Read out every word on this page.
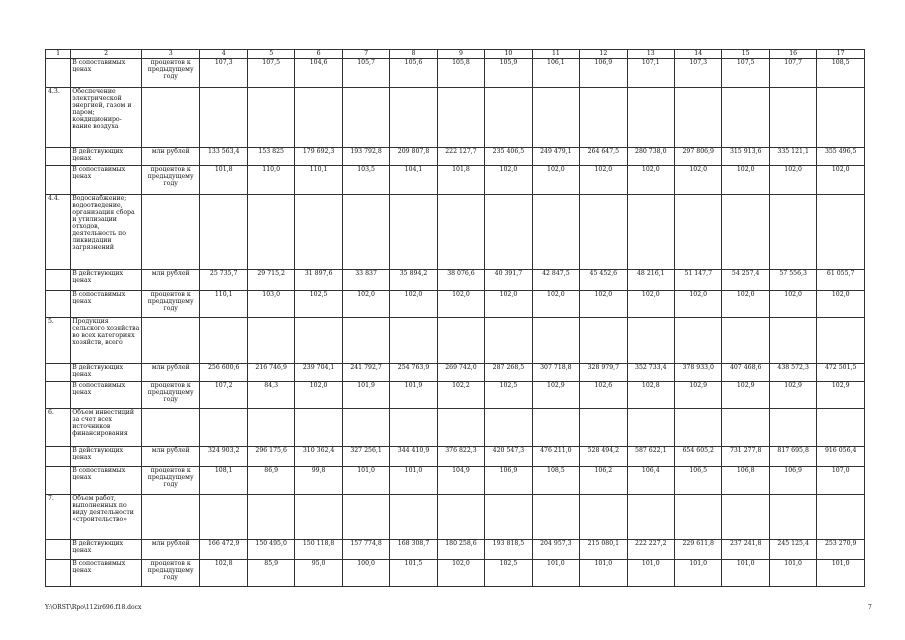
1	2	3	4	5	6	7	8	9	10	11	12	13	14	15	16	17
	В сопоставимых ценах	процентов к предыдущему году	107,3	107,5	104,6	105,7	105,6	105,8	105,9	106,1	106,9	107,1	107,3	107,5	107,7	108,5
4.3.	Обеспечение электрической энергией, газом и паром; кондициониро-вание воздуха															
	В действующих ценах	млн рублей	133 563,4	153 825	179 692,3	193 792,8	209 807,8	222 127,7	235 406,5	249 479,1	264 647,5	280 738,0	297 806,9	315 913,6	335 121,1	355 496,5
	В сопоставимых ценах	процентов к предыдущему году	101,8	110,0	110,1	103,5	104,1	101,8	102,0	102,0	102,0	102,0	102,0	102,0	102,0	102,0
4.4.	Водоснабжение; водоотведение, организация сбора и утилизации отходов, деятельность по ликвидации загрязнений															
	В действующих ценах	млн рублей	25 735,7	29 715,2	31 897,6	33 837	35 894,2	38 076,6	40 391,7	42 847,5	45 452,6	48 216,1	51 147,7	54 257,4	57 556,3	61 055,7
	В сопоставимых ценах	процентов к предыдущему году	110,1	103,0	102,5	102,0	102,0	102,0	102,0	102,0	102,0	102,0	102,0	102,0	102,0	102,0
5.	Продукция сельского хозяйства во всех категориях хозяйств, всего															
	В действующих ценах	млн рублей	256 600,6	216 746,9	239 704,1	241 792,7	254 763,9	269 742,0	287 268,5	307 718,8	328 979,7	352 733,4	378 933,0	407 468,6	438 572,3	472 501,5
	В сопоставимых ценах	процентов к предыдущему году	107,2	84,3	102,0	101,9	101,9	102,2	102,5	102,9	102,6	102,8	102,9	102,9	102,9	102,9
6.	Объем инвестиций за счет всех источников финансирования															
	В действующих ценах	млн рублей	324 903,2	296 175,6	310 362,4	327 256,1	344 410,9	376 822,3	420 547,3	476 211,0	528 494,2	587 622,1	654 605,2	731 277,8	817 695,8	916 056,4
	В сопоставимых ценах	процентов к предыдущему году	108,1	86,9	99,8	101,0	101,0	104,9	106,9	108,5	106,2	106,4	106,5	106,8	106,9	107,0
7.	Объем работ, выполненных по виду деятельности «строительство»															
	В действующих ценах	млн рублей	166 472,9	150 495,0	150 118,8	157 774,8	168 308,7	180 258,6	193 818,5	204 957,3	215 080,1	222 227,2	229 611,8	237 241,8	245 125,4	253 270,9
	В сопоставимых ценах	процентов к предыдущему году	102,8	85,9	95,0	100,0	101,5	102,0	102,5	101,0	101,0	101,0	101,0	101,0	101,0	101,0
Y:\ORST\Rpo\112ir696.f18.docx	7
